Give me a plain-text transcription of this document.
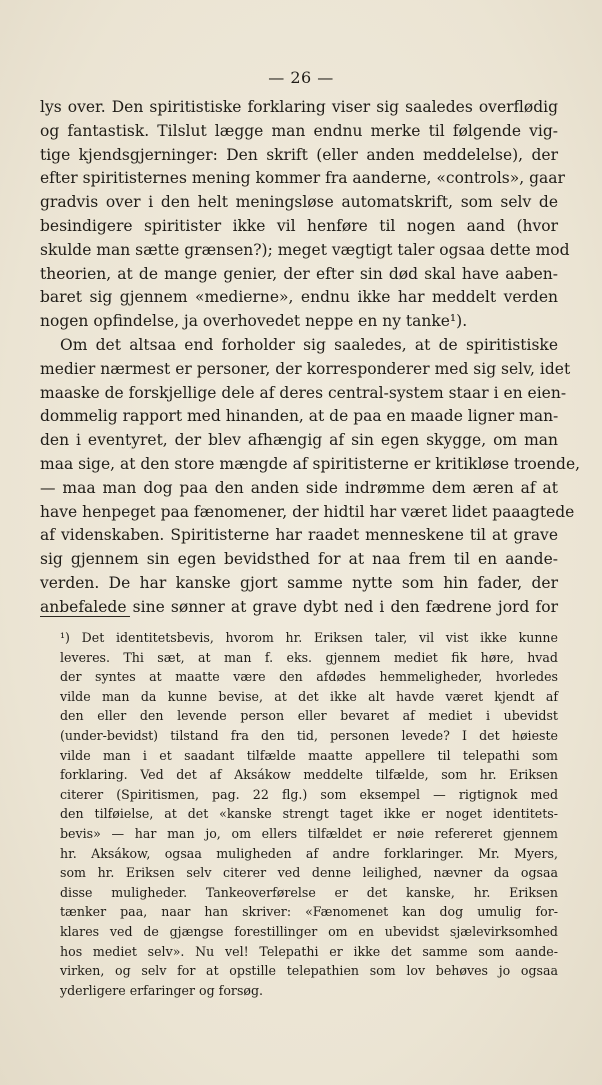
— 26 —
lys over. Den spiritistiske forklaring viser sig saaledes overflødig
og fantastisk. Tilslut lægge man endnu merke til følgende vig-
tige kjendsgjerninger: Den skrift (eller anden meddelelse), der
efter spiritisternes mening kommer fra aanderne, «controls», gaar
gradvis over i den helt meningsløse automatskrift, som selv de
besindigere spiritister ikke vil henføre til nogen aand (hvor
skulde man sætte grænsen?); meget vægtigt taler ogsaa dette mod
theorien, at de mange genier, der efter sin død skal have aaben-
baret sig gjennem «mediernе», endnu ikke har meddelt verden
nogen opfindelse, ja overhovedet neppe en ny tanke¹).
Om det altsaa end forholder sig saaledes, at de spiritistiske
medier nærmest er personer, der korresponderer med sig selv, idet
maaske de forskjellige dele af deres central-system staar i en eien-
dommelig rapport med hinanden, at de paa en maade ligner man-
den i eventyret, der blev afhængig af sin egen skygge, om man
maa sige, at den store mængde af spiritisterne er kritikløse troende,
— maa man dog paa den anden side indrømme dem æren af at
have henpeget paa fænomener, der hidtil har været lidet paaagtede
af videnskaben. Spiritisterne har raadet menneskene til at grave
sig gjennem sin egen bevidsthed for at naa frem til en aande-
verden. De har kanske gjort samme nytte som hin fader, der
anbefalede sine sønner at grave dybt ned i den fædrene jord for
¹) Det identitetsbevis, hvorom hr. Eriksen taler, vil vist ikke kunne
leveres. Thi sæt, at man f. eks. gjennem mediet fik høre, hvad
der syntes at maatte være den afdødes hemmeligheder, hvorledes
vilde man da kunne bevise, at det ikke alt havde været kjendt af
den eller den levende person eller bevaret af mediet i ubevidst
(under-bevidst) tilstand fra den tid, personen levede? I det høieste
vilde man i et saadant tilfælde maatte appellere til telepathi som
forklaring. Ved det af Aksákow meddelte tilfælde, som hr. Eriksen
citerer (Spiritismen, pag. 22 flg.) som eksempel — rigtignok med
den tilføielse, at det «kanske strengt taget ikke er noget identitets-
bevis» — har man jo, om ellers tilfældet er nøie refereret gjennem
hr. Aksákow, ogsaa muligheden af andre forklaringer. Mr. Myers,
som hr. Eriksen selv citerer ved denne leilighed, nævner da ogsaa
disse muligheder. Tankeoverførelse er det kanske, hr. Eriksen
tænker paa, naar han skriver: «Fænomenet kan dog umulig for-
klares ved de gjængse forestillinger om en ubevidst sjælevirksomhed
hos mediet selv». Nu vel! Telepathi er ikke det samme som aande-
virken, og selv for at opstille telepathien som lov behøves jo ogsaa
yderligere erfaringer og forsøg.
